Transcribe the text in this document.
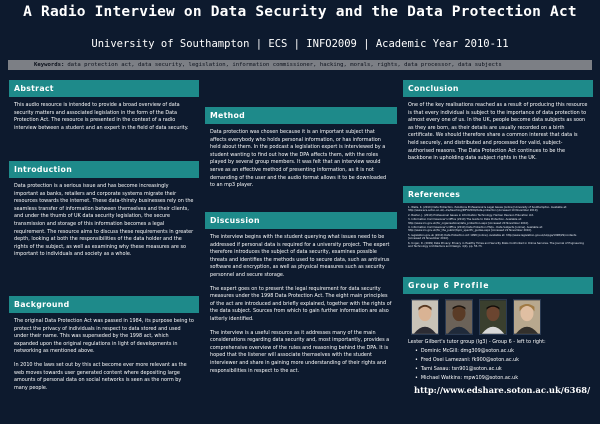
A Radio Interview on Data Security and the Data Protection Act
University of Southampton | ECS | INFO2009 | Academic Year 2010-11
Keywords: data protection act, data security, legislation, information commissioner, hacking, morals, rights, data processor, data subjects
Abstract

This audio resource is intended to provide a broad overview of data security matters and associated legislation in the form of the Data Protection Act. The resource is presented in the context of a radio interview between a student and an expert in the field of data security.

Introduction

Data protection is a serious issue and has become increasingly important as banks, retailers and corporate systems migrate their resources towards the internet. These data-thirsty businesses rely on the seamless transfer of information between themselves and their clients, and under the thumb of UK data security legislation, the secure transmission and storage of this information becomes a legal requirement. The resource aims to discuss these requirements in greater depth, looking at both the responsibilities of the data holder and the rights of the subject, as well as examining why these measures are so important to individuals and society as a whole.

Background

The original Data Protection Act was passed in 1984, its purpose being to protect the privacy of individuals in respect to data stored and used under their name. This was superseded by the 1998 act, which expanded upon the original regulations in light of developments in networking as mentioned above.

In 2010 the laws set out by this act become ever more relevant as the web moves towards user generated content where depositing large amounts of personal data on social networks is seen as the norm by many people.

Method

Data protection was chosen because it is an important subject that affects everybody who holds personal information, or has information held about them. In the podcast a legislation expert is interviewed by a student wanting to find out how the DPA affects them, with the roles played by several group members. It was felt that an interview would serve as an effective method of presenting information, as it is not demanding of the user and the audio format allows it to be downloaded to an mp3 player.

Discussion

The interview begins with the student querying what issues need to be addressed if personal data is required for a university project. The expert therefore introduces the subject of data security, examines possible threats and identifies the methods used to secure data, such as antivirus software and encryption, as well as physical measures such as security personnel and secure storage.

The expert goes on to present the legal requirement for data security measures under the 1998 Data Protection Act. The eight main principles of the act are introduced and briefly explained, together with the rights of the data subject. Sources from which to gain further information are also latterly identified.

The interview is a useful resource as it addresses many of the main considerations regarding data security and, most importantly, provides a comprehensive overview of the rules and reasoning behind the DPA. It is hoped that the listener will associate themselves with the student interviewer and share in gaining more understanding of their rights and responsibilities in respect to the act.

Conclusion

One of the key realisations reached as a result of producing this resource is that every individual is subject to the importance of data protection to almost every one of us. In the UK, people become data subjects as soon as they are born, as their details are usually recorded on a birth certificate. We should therefore share a common interest that data is held securely, and distributed and processed for valid, subject-authorised reasons. The Data Protection Act continues to be the backbone in upholding data subject rights in the UK.

References
1. Wells, K. (2010) Data Protection. iSolutions Professional & Legal Issues [online] University of Southampton. Available at: http://www.ecs.soton.ac.uk/~kw/teaching/INFO2009/data-protection [Accessed 10 November 2010].
2. Baxter, J. (2010) Professional Issues in Information Technology. Harlow: Pearson Education Ltd.
3. Information Commissioner's Office (2010) The Guide to Data Protection. Available at: http://www.ico.gov.uk/for_organisations/data_protection.aspx [Accessed 20 November 2010].
4. Information Commissioner's Office (2010) Data Protection FAQs - Data Subjects [online]. Available at: http://www.ico.gov.uk/for_the_public/topic_specific_guides.aspx [Accessed 22 November 2010].
5. legislation.gov.uk (2010) Data Protection Act 1998 [online]. Available at: http://www.legislation.gov.uk/ukpga/1998/29/contents [Accessed 22 November 2010].
6. Unger, D. (2009) Data Privacy: Privacy in Healthy Times and Security Risks Confronted in Online Services. The Journal of Engineering and Technology Architecture and Design, 4(2), pp. 55-73.
Group 6 Profile
Lester Gilbert's tutor group (lg3) - Group 6 - left to right:
• Dominic McGill: dmg309@soton.ac.uk
• Fred Osei Lamezani: fk900@soton.ac.uk
• Tami Sasau: tsn901@soton.ac.uk
• Michael Watkins: mpw109@soton.ac.uk
http://www.edshare.soton.ac.uk/6368/
